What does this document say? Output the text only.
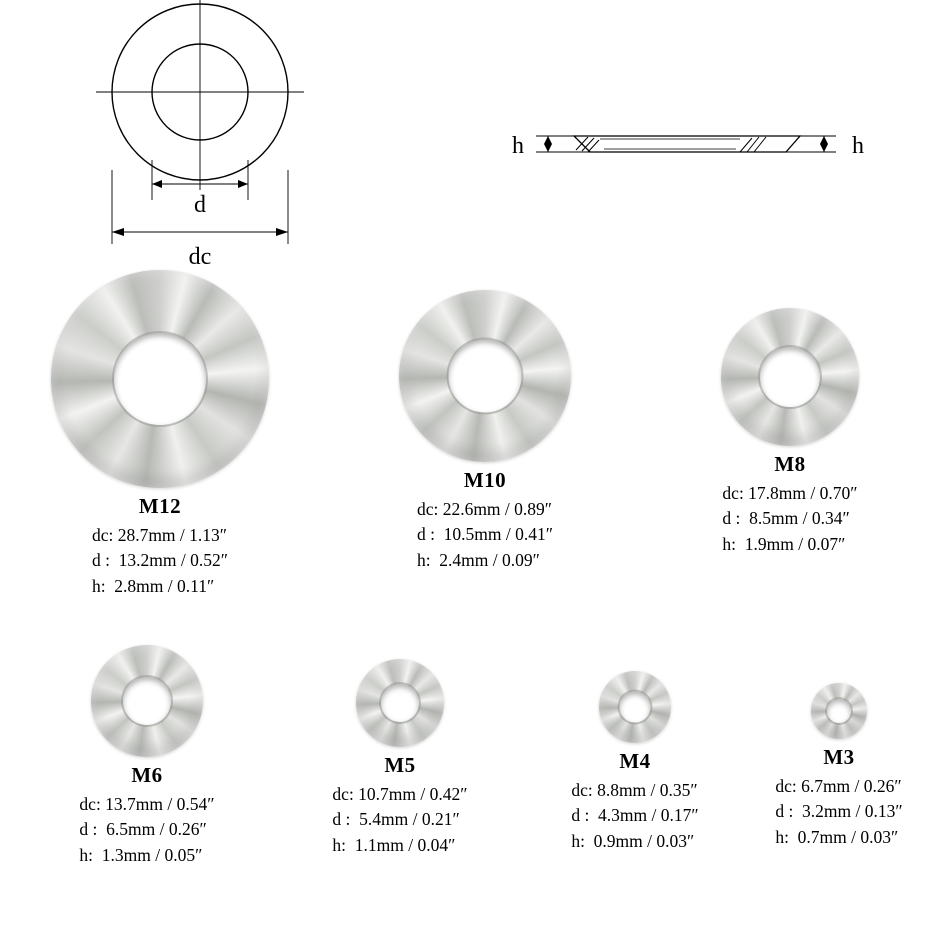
d
dc
h	h
M12
dc: 28.7mm / 1.13″
d :  13.2mm / 0.52″
h:  2.8mm / 0.11″
M10
dc: 22.6mm / 0.89″
d :  10.5mm / 0.41″
h:  2.4mm / 0.09″
M8
dc: 17.8mm / 0.70″
d :  8.5mm / 0.34″
h:  1.9mm / 0.07″
M6
dc: 13.7mm / 0.54″
d :  6.5mm / 0.26″
h:  1.3mm / 0.05″
M5
dc: 10.7mm / 0.42″
d :  5.4mm / 0.21″
h:  1.1mm / 0.04″
M4
dc: 8.8mm / 0.35″
d :  4.3mm / 0.17″
h:  0.9mm / 0.03″
M3
dc: 6.7mm / 0.26″
d :  3.2mm / 0.13″
h:  0.7mm / 0.03″
